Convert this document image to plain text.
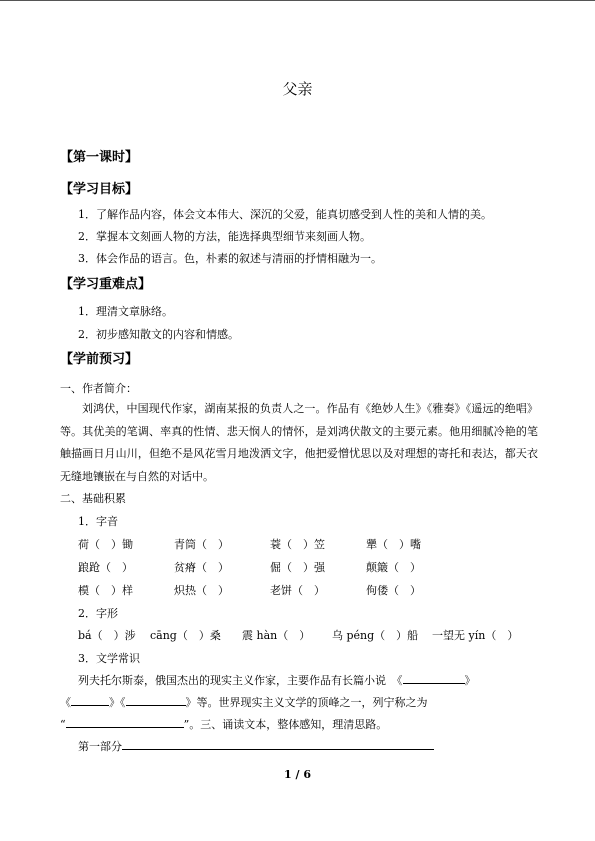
父亲
【第一课时】
【学习目标】
1．了解作品内容，体会文本伟大、深沉的父爱，能真切感受到人性的美和人情的美。
2．掌握本文刻画人物的方法，能选择典型细节来刻画人物。
3．体会作品的语言。色，朴素的叙述与清丽的抒情相融为一。
【学习重难点】
1．理清文章脉络。
2．初步感知散文的内容和情感。
【学前预习】
一、作者简介：
刘鸿伏，中国现代作家，湖南某报的负责人之一。作品有《绝妙人生》《雅奏》《遥远的绝唱》等。其优美的笔调、率真的性情、悲天悯人的情怀，是刘鸿伏散文的主要元素。他用细腻冷艳的笔触描画日月山川，但绝不是风花雪月地泼洒文字，他把爱憎忧思以及对理想的寄托和表达，都天衣无缝地镶嵌在与自然的对话中。
二、基础积累
1．字音
荷（　）锄	青筒（　）	蓑（　）笠	犟（　）嘴
踉跄（　）	贫瘠（　）	倔（　）强	颠簸（　）
模（　）样	炽热（　）	老饼（　）	佝偻（　）
2．字形
bá（　）涉 cāng（　）桑 震 hàn（　） 乌 péng（　）船 一望无 yín（　）
3．文学常识
列夫托尔斯泰，俄国杰出的现实主义作家，主要作品有长篇小说　《	》
《	》《	》等。世界现实主义文学的顶峰之一，列宁称之为
“	”。三、诵读文本，整体感知，理清思路。
第一部分
1 / 6
